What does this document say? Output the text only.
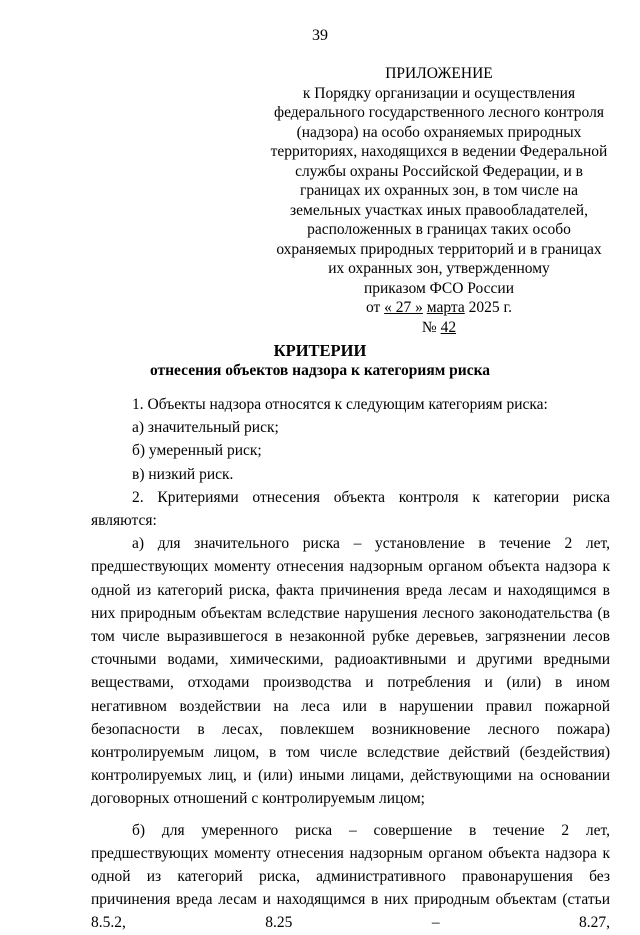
39
ПРИЛОЖЕНИЕ
к Порядку организации и осуществления
федерального государственного лесного контроля
(надзора) на особо охраняемых природных
территориях, находящихся в ведении Федеральной
службы охраны Российской Федерации, и в
границах их охранных зон, в том числе на
земельных участках иных правообладателей,
расположенных в границах таких особо
охраняемых природных территорий и в границах
их охранных зон, утвержденному
приказом ФСО России
от « 27 » марта 2025 г.
№ 42
КРИТЕРИИ
отнесения объектов надзора к категориям риска

1. Объекты надзора относятся к следующим категориям риска:

а) значительный риск;

б) умеренный риск;

в) низкий риск.

2. Критериями отнесения объекта контроля к категории риска являются:

а) для значительного риска – установление в течение 2 лет, предшествующих моменту отнесения надзорным органом объекта надзора к одной из категорий риска, факта причинения вреда лесам и находящимся в них природным объектам вследствие нарушения лесного законодательства (в том числе выразившегося в незаконной рубке деревьев, загрязнении лесов сточными водами, химическими, радиоактивными и другими вредными веществами, отходами производства и потребления и (или) в ином негативном воздействии на леса или в нарушении правил пожарной безопасности в лесах, повлекшем возникновение лесного пожара) контролируемым лицом, в том числе вследствие действий (бездействия) контролируемых лиц, и (или) иными лицами, действующими на основании договорных отношений с контролируемым лицом;

б) для умеренного риска – совершение в течение 2 лет, предшествующих моменту отнесения надзорным органом объекта надзора к одной из категорий риска, административного правонарушения без причинения вреда лесам и находящимся в них природным объектам (статьи 8.5.2, 8.25 – 8.27,
